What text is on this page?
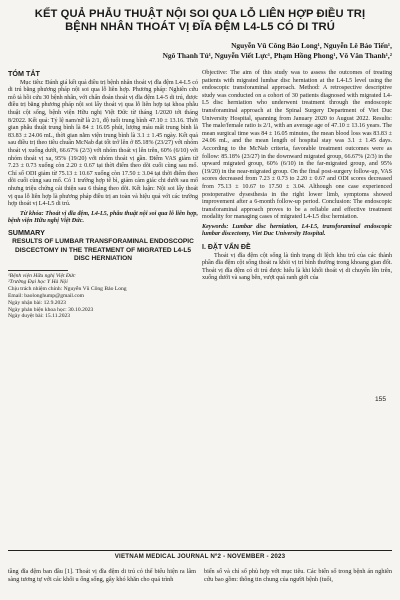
KẾT QUẢ PHẪU THUẬT NỘI SOI QUA LỖ LIÊN HỢP ĐIỀU TRỊ BỆNH NHÂN THOÁT VỊ ĐĨA ĐỆM L4-L5 CÓ DI TRÚ
Nguyễn Vũ Công Bảo Long¹, Nguyễn Lê Bảo Tiến¹,
Ngô Thanh Tú¹, Nguyễn Viết Lực¹, Phạm Hồng Phong¹, Võ Văn Thanh¹,²
TÓM TẮT
Mục tiêu: Đánh giá kết quả điều trị bệnh nhân thoát vị đĩa đệm L4-L5 có di trú bằng phương pháp nội soi qua lỗ liên hợp. Phương pháp: Nghiên cứu mô tả hồi cứu 30 bệnh nhân, với chẩn đoán thoát vị đĩa đệm L4-5 di trú, được điều trị bằng phương pháp nội soi lấy thoát vị qua lỗ liên hợp tại khoa phẫu thuật cột sống, bệnh viện Hữu nghị Việt Đức từ tháng 1/2020 tới tháng 8/2022. Kết quả: Tỷ lệ nam/nữ là 2/1, độ tuổi trung bình 47.10 ± 13.16. Thời gian phẫu thuật trung bình là 84 ± 16.05 phút, lượng máu mất trung bình là 83.83 ± 24.06 mL, thời gian nằm viện trung bình là 3.1 ± 1.45 ngày. Kết quả sau điều trị theo tiêu chuẩn McNab đạt tốt trở lên ở 85.18% (23/27) với nhóm thoát vị xuống dưới, 66.67% (2/3) với nhóm thoát vị lên trên, 60% (6/10) với nhóm thoát vị xa, 95% (19/20) với nhóm thoát vị gần. Điểm VAS giảm từ 7.23 ± 0.73 xuống còn 2.20 ± 0.67 tại thời điểm theo dõi cuối cùng sau mổ. Chỉ số ODI giảm từ 75.13 ± 10.67 xuống còn 17.50 ± 3.04 tại thời điểm theo dõi cuối cùng sau mổ. Có 1 trường hợp tê bì, giảm cảm giác chi dưới sau mổ nhưng triệu chứng cải thiện sau 6 tháng theo dõi. Kết luận: Nội soi lấy thoát vị qua lỗ liên hợp là phương pháp điều trị an toàn và hiệu quả với các trường hợp thoát vị L4-L5 di trú.
Từ khóa: Thoát vị đĩa đệm, L4-L5, phẫu thuật nội soi qua lỗ liên hợp, bệnh viện Hữu nghị Việt Đức.
SUMMARY
RESULTS OF LUMBAR TRANSFORAMINAL ENDOSCOPIC DISCECTOMY IN THE TREATMENT OF MIGRATED L4-L5 DISC HERNIATION
¹Bệnh viện Hữu nghị Việt Đức
²Trường Đại học Y Hà Nội
Chịu trách nhiệm chính: Nguyễn Vũ Công Bảo Long
Email: baolonghump@gmail.com
Ngày nhận bài: 12.9.2023
Ngày phản biện khoa học: 30.10.2023
Ngày duyệt bài: 15.11.2023
Objective: The aim of this study was to assess the outcomes of treating patients with migrated lumbar disc herniation at the L4-L5 level using the endoscopic transforaminal approach. Method: A retrospective descriptive study was conducted on a cohort of 30 patients diagnosed with migrated L4-L5 disc herniation who underwent treatment through the endoscopic transforaminal approach at the Spinal Surgery Department of Viet Duc University Hospital, spanning from January 2020 to August 2022. Results: The male/female ratio is 2/1, with an average age of 47.10 ± 13.16 years. The mean surgical time was 84 ± 16.05 minutes, the mean blood loss was 83.83 ± 24.06 mL, and the mean length of hospital stay was 3.1 ± 1.45 days. According to the McNab criteria, favorable treatment outcomes were as follow: 85.18% (23/27) in the downward migrated group, 66.67% (2/3) in the upward migrated group, 60% (6/10) in the far-migrated group, and 95% (19/20) in the near-migrated group. On the final post-surgery follow-up, VAS scores decreased from 7.23 ± 0.73 to 2.20 ± 0.67 and ODI scores decreased from 75.13 ± 10.67 to 17.50 ± 3.04. Although one case experienced postoperative dysesthesia in the right lower limb, symptoms showed improvement after a 6-month follow-up period. Conclusion: The endoscopic transforaminal approach proves to be a reliable and effective treatment modality for managing cases of migrated L4-L5 disc herniation.
Keywords: Lumbar disc herniation, L4-L5, transforaminal endoscopic lumbar discectomy, Viet Duc University Hospital.
I. ĐẶT VẤN ĐỀ
Thoát vị đĩa đệm cột sống là tình trạng di lệch khu trú của các thành phần đĩa đệm cột sống thoát ra khỏi vị trí bình thường trong khoang gian đốt. Thoát vị đĩa đệm có di trú được hiểu là khi khối thoát vị di chuyển lên trên, xuống dưới và sang bên, vượt quá ranh giới của
155
VIETNAM MEDICAL JOURNAL Nº2 - NOVEMBER - 2023
tầng đĩa đệm ban đầu [1]. Thoát vị đĩa đệm di trú có thể biểu hiện ra lâm sàng tương tự với các khối u ống sống, gây khó khăn cho quá trình
biến số và chỉ số phù hợp với mục tiêu. Các biến số trong bệnh án nghiên cứu bao gồm: thông tin chung của người bệnh (tuổi,
